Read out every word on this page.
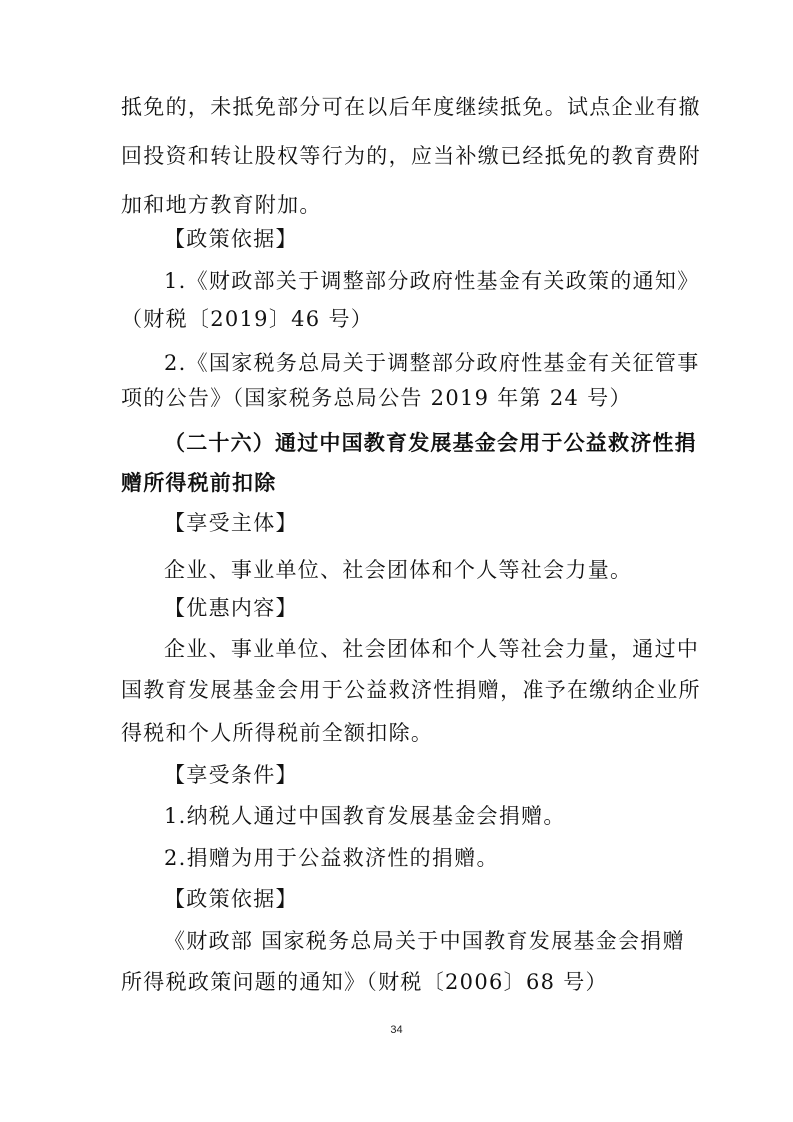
抵免的，未抵免部分可在以后年度继续抵免。试点企业有撤
回投资和转让股权等行为的，应当补缴已经抵免的教育费附
加和地方教育附加。
【政策依据】
1.《财政部关于调整部分政府性基金有关政策的通知》
（财税〔2019〕46 号）
2.《国家税务总局关于调整部分政府性基金有关征管事
项的公告》（国家税务总局公告 2019 年第 24 号）
（二十六）通过中国教育发展基金会用于公益救济性捐
赠所得税前扣除
【享受主体】
企业、事业单位、社会团体和个人等社会力量。
【优惠内容】
企业、事业单位、社会团体和个人等社会力量，通过中
国教育发展基金会用于公益救济性捐赠，准予在缴纳企业所
得税和个人所得税前全额扣除。
【享受条件】
1.纳税人通过中国教育发展基金会捐赠。
2.捐赠为用于公益救济性的捐赠。
【政策依据】
《财政部 国家税务总局关于中国教育发展基金会捐赠
所得税政策问题的通知》（财税〔2006〕68 号）
34
